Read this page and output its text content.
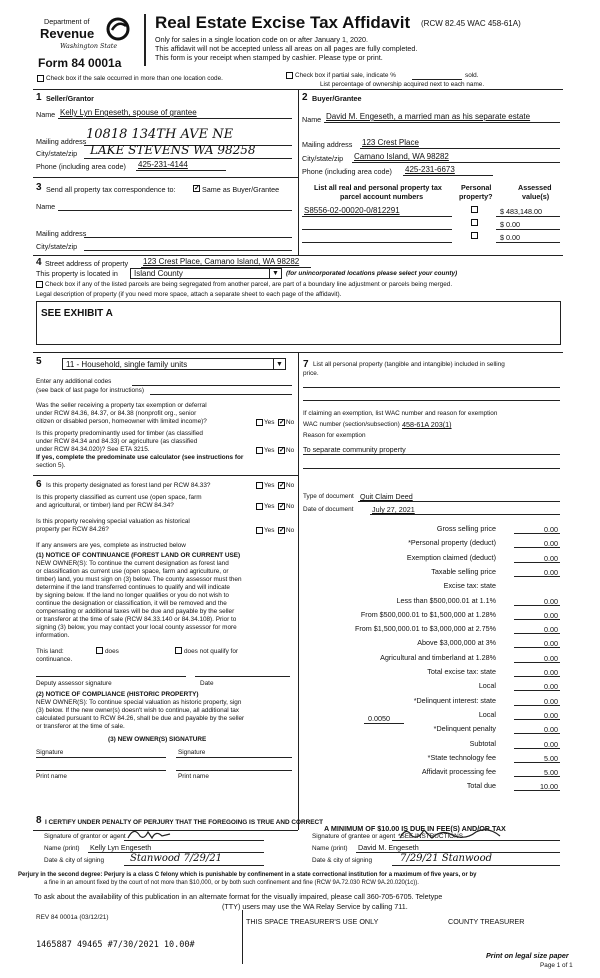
Department of
Revenue
Washington State
Form 84 0001a
Real Estate Excise Tax Affidavit (RCW 82.45 WAC 458-61A)
Only for sales in a single location code on or after January 1, 2020.
This affidavit will not be accepted unless all areas on all pages are fully completed.
This form is your receipt when stamped by cashier. Please type or print.
Check box if the sale occurred in more than one location code.	Check box if partial sale, indicate %	sold.
List percentage of ownership acquired next to each name.
1 Seller/Grantor
Name Kelly Lyn Engeseth, spouse of grantee
Mailing address 10818 134TH AVE NE
City/state/zip LAKE STEVENS WA 98258
Phone (including area code) 425-231-4144
2 Buyer/Grantee
Name David M. Engeseth, a married man as his separate estate
Mailing address 123 Crest Place
City/state/zip Camano Island, WA 98282
Phone (including area code) 425-231-6673
3 Send all property tax correspondence to:	✓ Same as Buyer/Grantee
Name
Mailing address
City/state/zip
List all real and personal property tax
parcel account numbers
Personal
property?
Assessed
value(s)
S8556-02-00020-0/812291	$ 483,148.00
$ 0.00
$ 0.00
4 Street address of property 123 Crest Place, Camano Island, WA 98282
This property is located in	Island County	▼	(for unincorporated locations please select your county)
Check box if any of the listed parcels are being segregated from another parcel, are part of a boundary line adjustment or parcels being merged.
Legal description of property (if you need more space, attach a separate sheet to each page of the affidavit).
SEE EXHIBIT A
5	11 - Household, single family units	▼
Enter any additional codes
(see back of last page for instructions)
Was the seller receiving a property tax exemption or deferral
under RCW 84.36, 84.37, or 84.38 (nonprofit org., senior
citizen or disabled person, homeowner with limited income)?	Yes ✓ No
Is this property predominantly used for timber (as classified
under RCW 84.34 and 84.33) or agriculture (as classified
under RCW 84.34.020)? See ETA 3215.	Yes ✓ No
If yes, complete the predominate use calculator (see instructions for
section 5).
6 Is this property designated as forest land per RCW 84.33?	Yes ✓ No
Is this property classified as current use (open space, farm
and agricultural, or timber) land per RCW 84.34?	Yes ✓ No
Is this property receiving special valuation as historical
property per RCW 84.26?	Yes ✓ No
If any answers are yes, complete as instructed below
(1) NOTICE OF CONTINUANCE (FOREST LAND OR CURRENT USE)
NEW OWNER(S): To continue the current designation as forest land
or classification as current use (open space, farm and agriculture, or
timber) land, you must sign on (3) below. The county assessor must then
determine if the land transferred continues to qualify and will indicate
by signing below. If the land no longer qualifies or you do not wish to
continue the designation or classification, it will be removed and the
compensating or additional taxes will be due and payable by the seller
or transferor at the time of sale (RCW 84.33.140 or 84.34.108). Prior to
signing (3) below, you may contact your local county assessor for more
information.
This land:	does	does not qualify for
continuance.
Deputy assessor signature	Date
(2) NOTICE OF COMPLIANCE (HISTORIC PROPERTY)
NEW OWNER(S): To continue special valuation as historic property, sign
(3) below. If the new owner(s) doesn't wish to continue, all additional tax
calculated pursuant to RCW 84.26, shall be due and payable by the seller
or transferor at the time of sale.
(3) NEW OWNER(S) SIGNATURE
Signature	Signature
Print name	Print name
7 List all personal property (tangible and intangible) included in selling
price.
If claiming an exemption, list WAC number and reason for exemption
WAC number (section/subsection) 458-61A 203(1)
Reason for exemption
To separate community property
Type of document Quit Claim Deed
Date of document	July 27, 2021
Gross selling price	0.00
*Personal property (deduct)	0.00
Exemption claimed (deduct)	0.00
Taxable selling price	0.00
Excise tax: state
Less than $500,000.01 at 1.1%	0.00
From $500,000.01 to $1,500,000 at 1.28%	0.00
From $1,500,000.01 to $3,000,000 at 2.75%	0.00
Above $3,000,000 at 3%	0.00
Agricultural and timberland at 1.28%	0.00
Total excise tax: state	0.00
Local	0.00
*Delinquent interest: state	0.00
Local	0.00
*Delinquent penalty	0.00
Subtotal	0.00
*State technology fee	5.00
Affidavit processing fee	5.00
Total due	10.00
0.0050
A MINIMUM OF $10.00 IS DUE IN FEE(S) AND/OR TAX
*SEE INSTRUCTIONS
8 I CERTIFY UNDER PENALTY OF PERJURY THAT THE FOREGOING IS TRUE AND CORRECT
Signature of grantor or agent
Name (print) Kelly Lyn Engeseth
Date & city of signing	Stanwood 7/29/21
Signature of grantee or agent
Name (print) David M. Engeseth
Date & city of signing	7/29/21 Stanwood
Perjury in the second degree: Perjury is a class C felony which is punishable by confinement in a state correctional institution for a maximum of five years, or by
a fine in an amount fixed by the court of not more than $10,000, or by both such confinement and fine (RCW 9A.72.030 RCW 9A.20.020(1c)).
To ask about the availability of this publication in an alternate format for the visually impaired, please call 360-705-6705. Teletype
(TTY) users may use the WA Relay Service by calling 711.
REV 84 0001a (03/12/21)	THIS SPACE TREASURER'S USE ONLY	COUNTY TREASURER
1465887 49465 #7/30/2021 10.00#
Print on legal size paper
Page 1 of 1
